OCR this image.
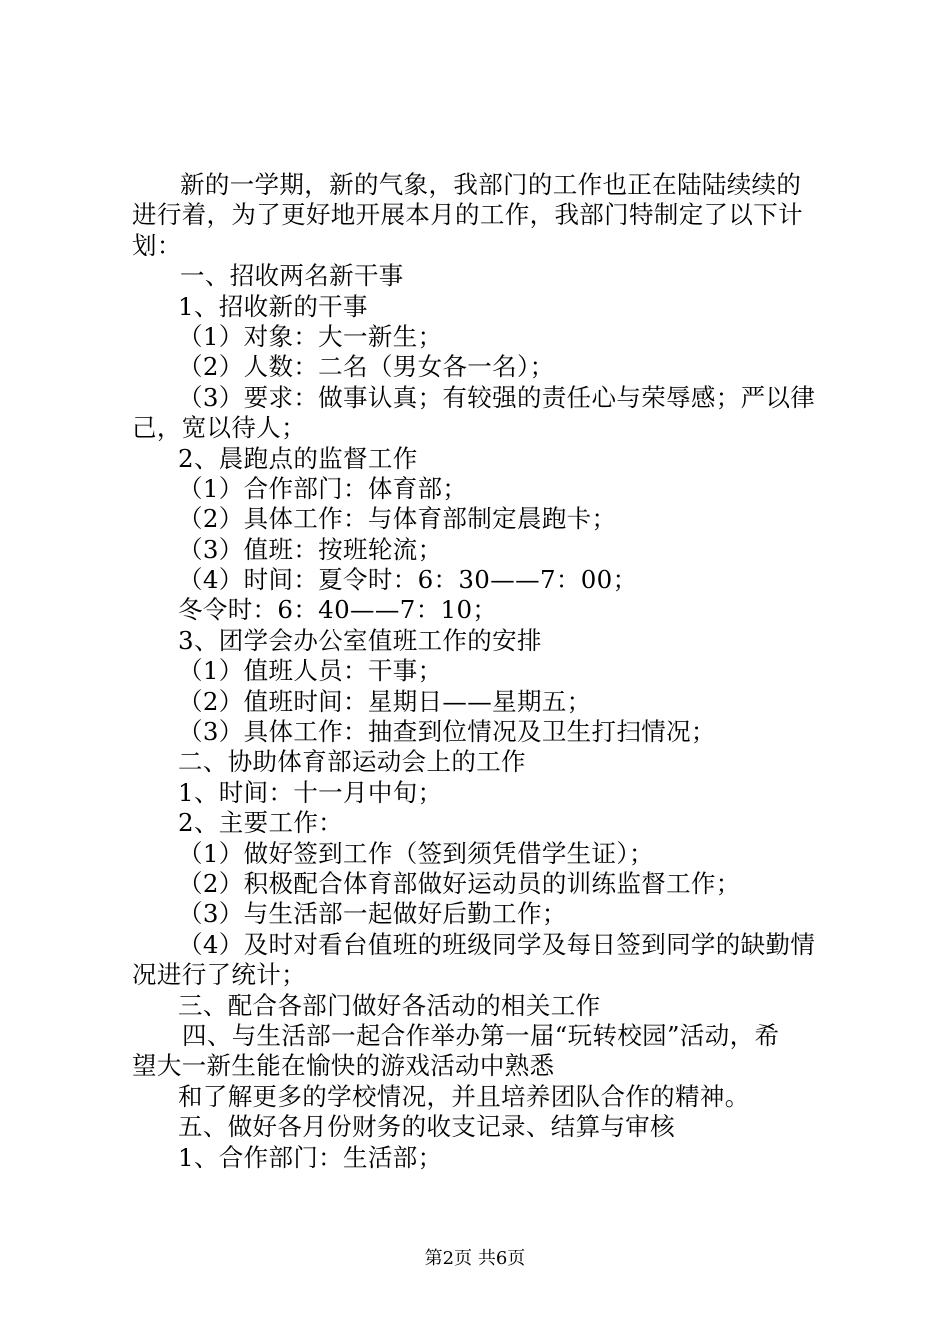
新的一学期，新的气象，我部门的工作也正在陆陆续续的
进行着，为了更好地开展本月的工作，我部门特制定了以下计
划：
一、招收两名新干事
1、招收新的干事
（1）对象：大一新生；
（2）人数：二名（男女各一名）；
（3）要求：做事认真；有较强的责任心与荣辱感；严以律
己，宽以待人；
2、晨跑点的监督工作
（1）合作部门：体育部；
（2）具体工作：与体育部制定晨跑卡；
（3）值班：按班轮流；
（4）时间：夏令时：6：30——7：00；
冬令时：6：40——7：10；
3、团学会办公室值班工作的安排
（1）值班人员：干事；
（2）值班时间：星期日——星期五；
（3）具体工作：抽查到位情况及卫生打扫情况；
二、协助体育部运动会上的工作
1、时间：十一月中旬；
2、主要工作：
（1）做好签到工作（签到须凭借学生证）；
（2）积极配合体育部做好运动员的训练监督工作；
（3）与生活部一起做好后勤工作；
（4）及时对看台值班的班级同学及每日签到同学的缺勤情
况进行了统计；
三、配合各部门做好各活动的相关工作
四、与生活部一起合作举办第一届“玩转校园”活动，希
望大一新生能在愉快的游戏活动中熟悉
和了解更多的学校情况，并且培养团队合作的精神。
五、做好各月份财务的收支记录、结算与审核
1、合作部门：生活部；
第2页 共6页
